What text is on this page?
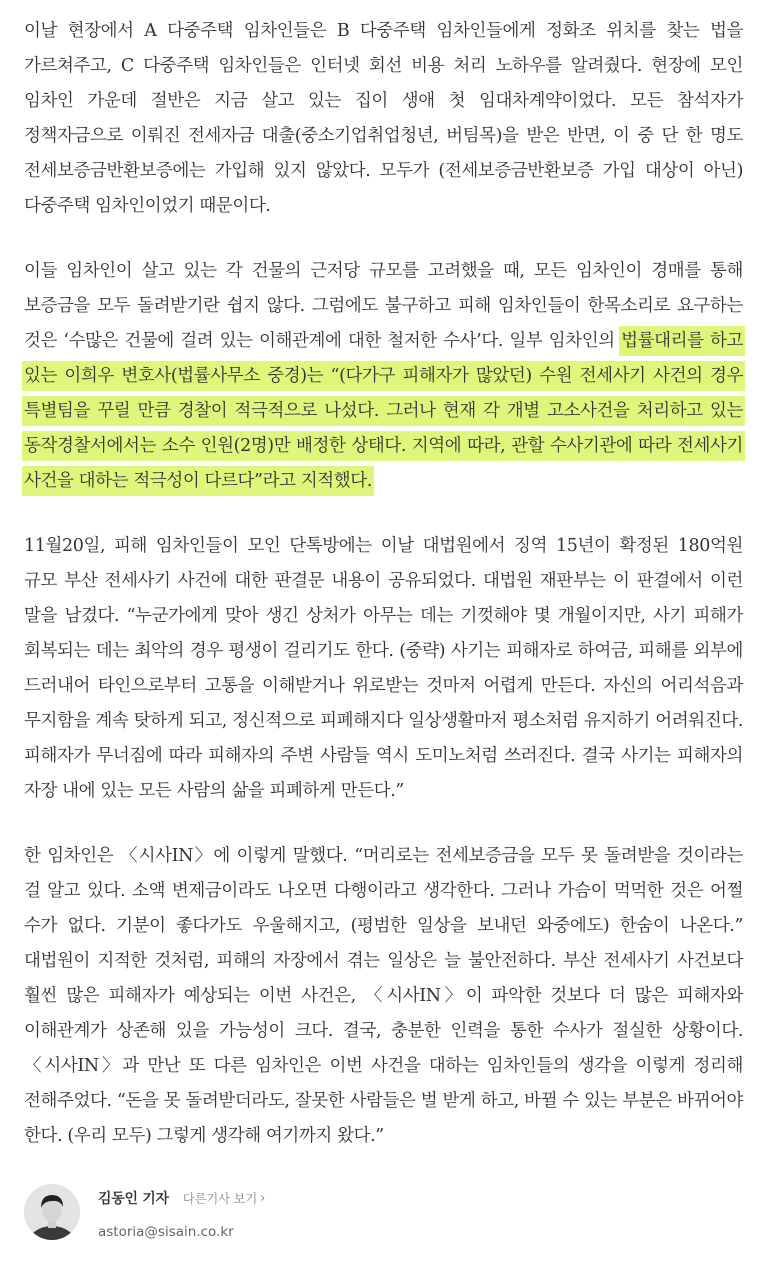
이날 현장에서 A 다중주택 임차인들은 B 다중주택 임차인들에게 정화조 위치를 찾는 법을 가르쳐주고, C 다중주택 임차인들은 인터넷 회선 비용 처리 노하우를 알려줬다. 현장에 모인 임차인 가운데 절반은 지금 살고 있는 집이 생애 첫 임대차계약이었다. 모든 참석자가 정책자금으로 이뤄진 전세자금 대출(중소기업취업청년, 버팀목)을 받은 반면, 이 중 단 한 명도 전세보증금반환보증에는 가입해 있지 않았다. 모두가 (전세보증금반환보증 가입 대상이 아닌) 다중주택 임차인이었기 때문이다.

이들 임차인이 살고 있는 각 건물의 근저당 규모를 고려했을 때, 모든 임차인이 경매를 통해 보증금을 모두 돌려받기란 쉽지 않다. 그럼에도 불구하고 피해 임차인들이 한목소리로 요구하는 것은 ‘수많은 건물에 걸려 있는 이해관계에 대한 철저한 수사’다. 일부 임차인의 법률대리를 하고 있는 이희우 변호사(법률사무소 중경)는 “(다가구 피해자가 많았던) 수원 전세사기 사건의 경우 특별팀을 꾸릴 만큼 경찰이 적극적으로 나섰다. 그러나 현재 각 개별 고소사건을 처리하고 있는 동작경찰서에서는 소수 인원(2명)만 배정한 상태다. 지역에 따라, 관할 수사기관에 따라 전세사기 사건을 대하는 적극성이 다르다”라고 지적했다.

11월20일, 피해 임차인들이 모인 단톡방에는 이날 대법원에서 징역 15년이 확정된 180억원 규모 부산 전세사기 사건에 대한 판결문 내용이 공유되었다. 대법원 재판부는 이 판결에서 이런 말을 남겼다. “누군가에게 맞아 생긴 상처가 아무는 데는 기껏해야 몇 개월이지만, 사기 피해가 회복되는 데는 최악의 경우 평생이 걸리기도 한다. (중략) 사기는 피해자로 하여금, 피해를 외부에 드러내어 타인으로부터 고통을 이해받거나 위로받는 것마저 어렵게 만든다. 자신의 어리석음과 무지함을 계속 탓하게 되고, 정신적으로 피폐해지다 일상생활마저 평소처럼 유지하기 어려워진다. 피해자가 무너짐에 따라 피해자의 주변 사람들 역시 도미노처럼 쓰러진다. 결국 사기는 피해자의 자장 내에 있는 모든 사람의 삶을 피폐하게 만든다.”

한 임차인은 〈시사IN〉에 이렇게 말했다. “머리로는 전세보증금을 모두 못 돌려받을 것이라는 걸 알고 있다. 소액 변제금이라도 나오면 다행이라고 생각한다. 그러나 가슴이 먹먹한 것은 어쩔 수가 없다. 기분이 좋다가도 우울해지고, (평범한 일상을 보내던 와중에도) 한숨이 나온다.” 대법원이 지적한 것처럼, 피해의 자장에서 겪는 일상은 늘 불안전하다. 부산 전세사기 사건보다 훨씬 많은 피해자가 예상되는 이번 사건은, 〈시사IN〉이 파악한 것보다 더 많은 피해자와 이해관계가 상존해 있을 가능성이 크다. 결국, 충분한 인력을 통한 수사가 절실한 상황이다. 〈시사IN〉과 만난 또 다른 임차인은 이번 사건을 대하는 임차인들의 생각을 이렇게 정리해 전해주었다. “돈을 못 돌려받더라도, 잘못한 사람들은 벌 받게 하고, 바뀔 수 있는 부분은 바뀌어야 한다. (우리 모두) 그렇게 생각해 여기까지 왔다.”

김동인 기자 다른기사 보기 ›
astoria@sisain.co.kr
